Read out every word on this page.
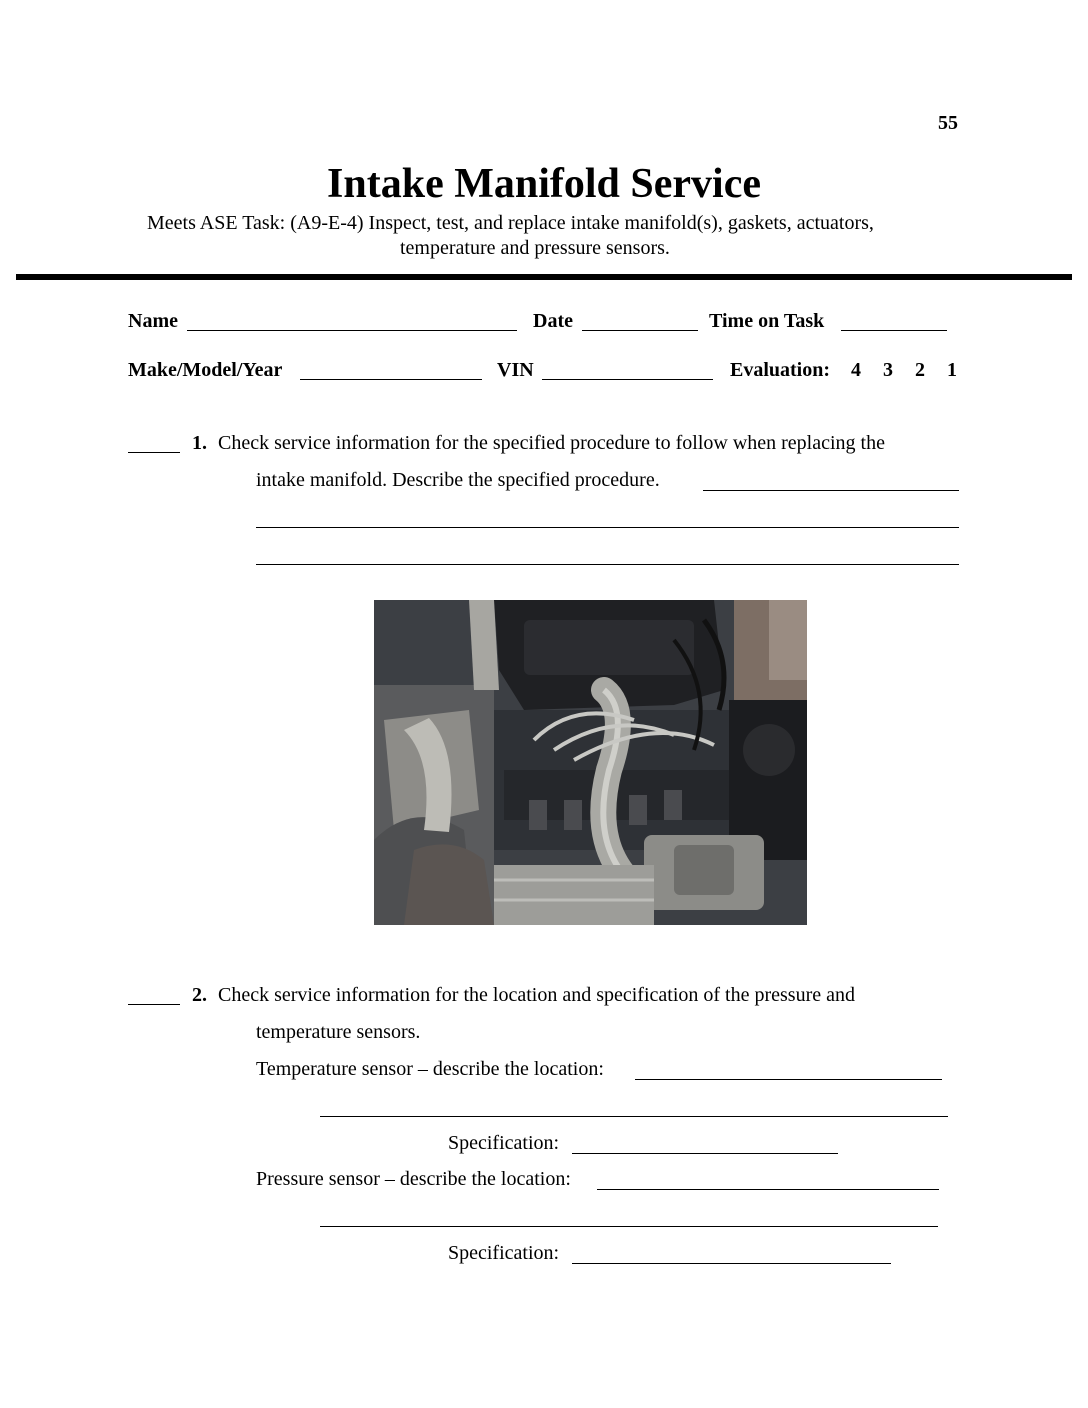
55
Intake Manifold Service
Meets ASE Task: (A9-E-4) Inspect, test, and replace intake manifold(s), gaskets, actuators,
temperature and pressure sensors.
Name	Date	Time on Task
Make/Model/Year	VIN	Evaluation: 4 3 2 1
1. Check service information for the specified procedure to follow when replacing the
intake manifold. Describe the specified procedure.
2. Check service information for the location and specification of the pressure and
temperature sensors.
Temperature sensor – describe the location:
Specification:
Pressure sensor – describe the location:
Specification:
